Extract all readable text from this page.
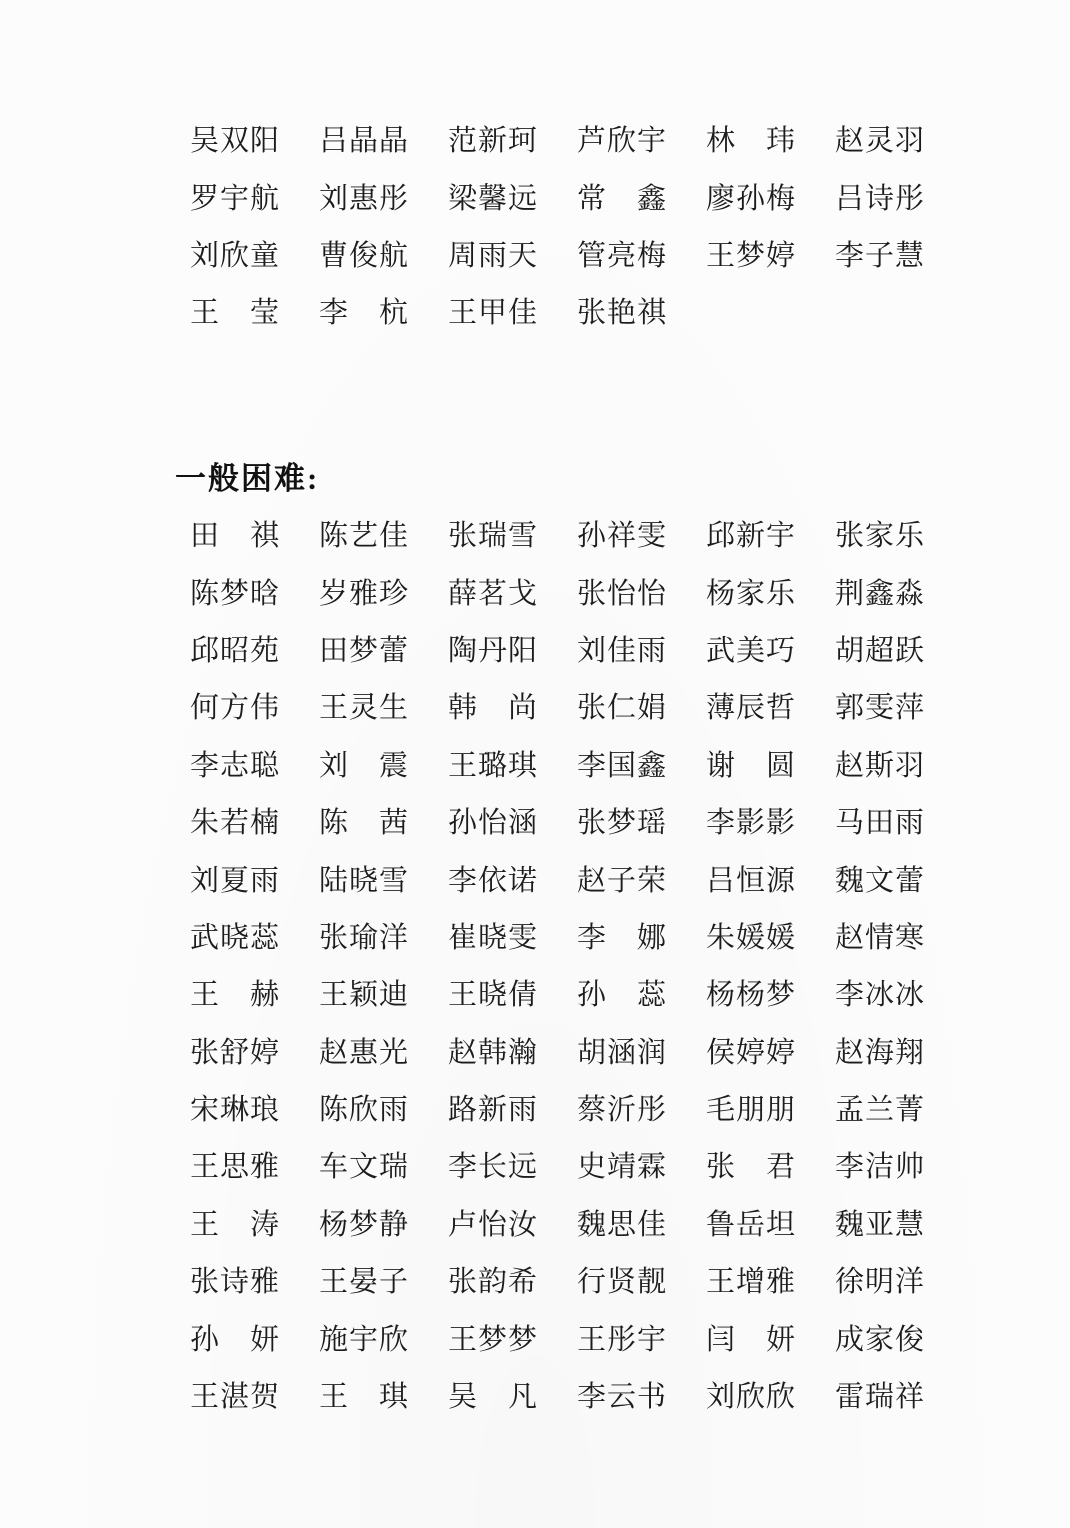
吴双阳	吕晶晶	范新珂	芦欣宇	林　玮	赵灵羽
罗宇航	刘惠彤	梁馨远	常　鑫	廖孙梅	吕诗彤
刘欣童	曹俊航	周雨天	管亮梅	王梦婷	李子慧
王　莹	李　杭	王甲佳	张艳祺
一般困难:
田　祺	陈艺佳	张瑞雪	孙祥雯	邱新宇	张家乐
陈梦晗	岁雅珍	薛茗戈	张怡怡	杨家乐	荆鑫淼
邱昭苑	田梦蕾	陶丹阳	刘佳雨	武美巧	胡超跃
何方伟	王灵生	韩　尚	张仁娟	薄辰哲	郭雯萍
李志聪	刘　震	王璐琪	李国鑫	谢　圆	赵斯羽
朱若楠	陈　茜	孙怡涵	张梦瑶	李影影	马田雨
刘夏雨	陆晓雪	李依诺	赵子荣	吕恒源	魏文蕾
武晓蕊	张瑜洋	崔晓雯	李　娜	朱媛媛	赵情寒
王　赫	王颖迪	王晓倩	孙　蕊	杨杨梦	李冰冰
张舒婷	赵惠光	赵韩瀚	胡涵润	侯婷婷	赵海翔
宋琳琅	陈欣雨	路新雨	蔡沂彤	毛朋朋	孟兰菁
王思雅	车文瑞	李长远	史靖霖	张　君	李洁帅
王　涛	杨梦静	卢怡汝	魏思佳	鲁岳坦	魏亚慧
张诗雅	王晏子	张韵希	行贤靓	王增雅	徐明洋
孙　妍	施宇欣	王梦梦	王彤宇	闫　妍	成家俊
王湛贺	王　琪	吴　凡	李云书	刘欣欣	雷瑞祥
